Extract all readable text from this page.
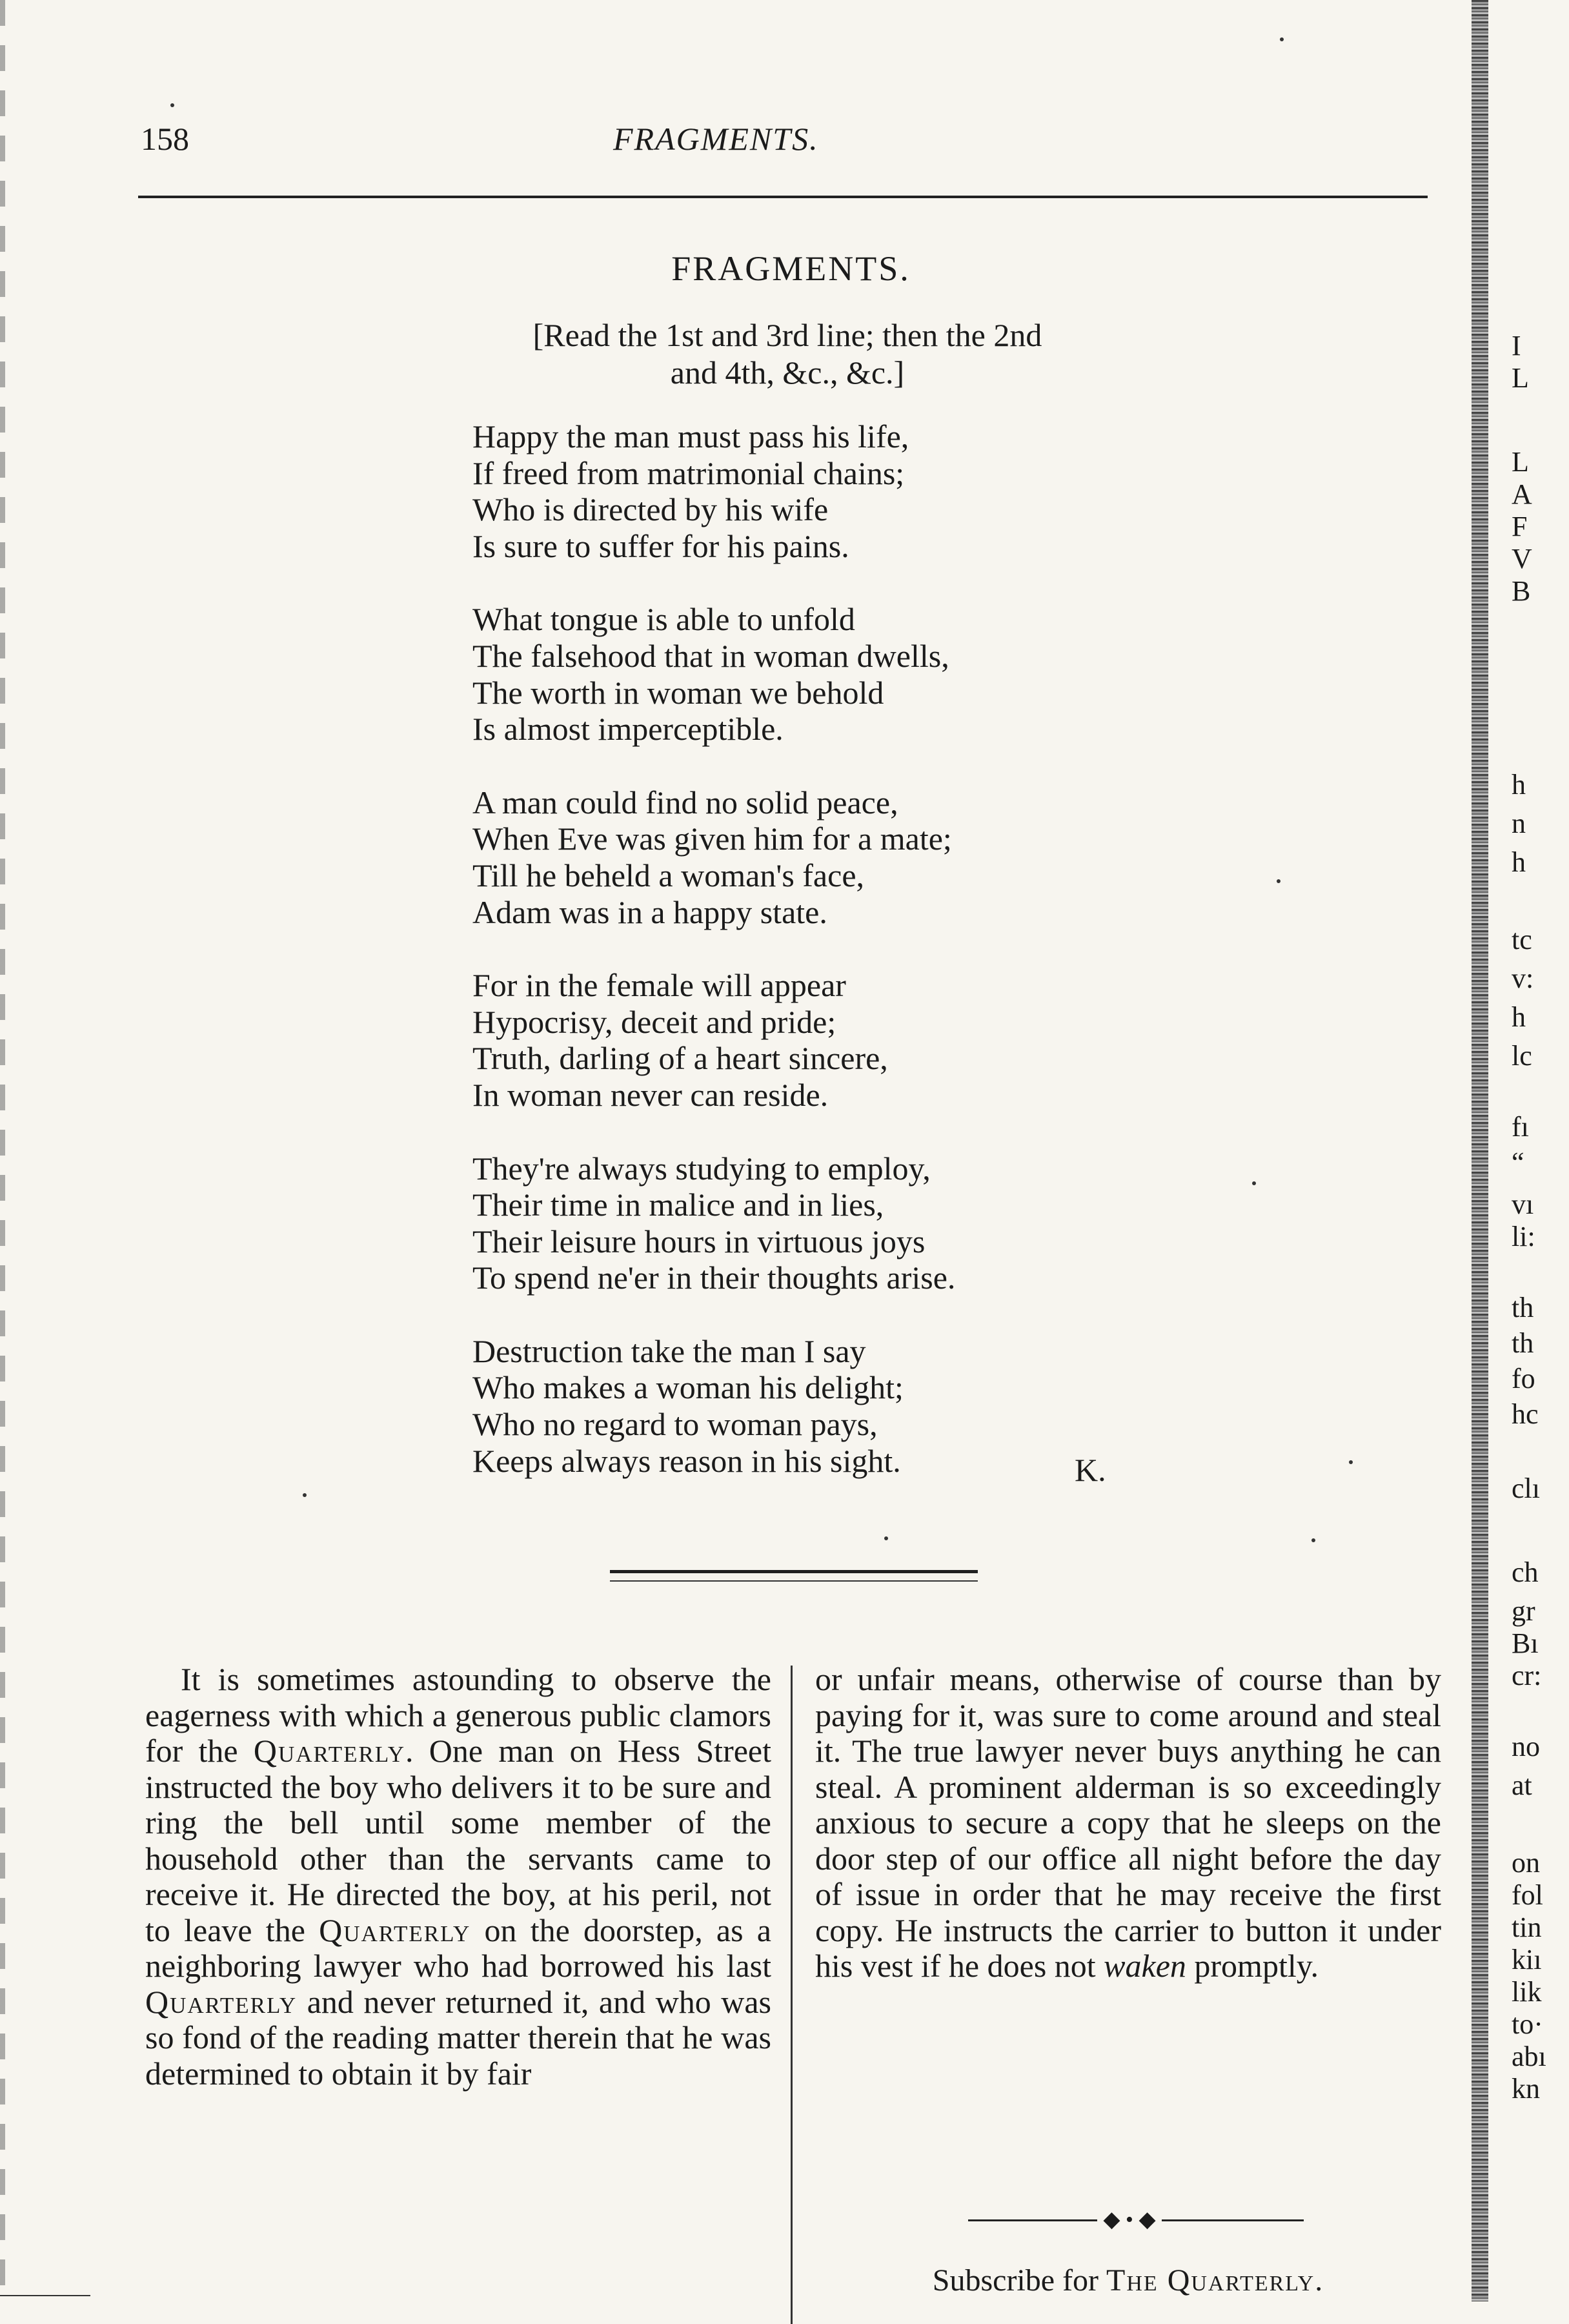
158	FRAGMENTS.
FRAGMENTS.
[Read the 1st and 3rd line; then the 2nd
and 4th, &c., &c.]
Happy the man must pass his life,
If freed from matrimonial chains;
Who is directed by his wife
Is sure to suffer for his pains.
What tongue is able to unfold
The falsehood that in woman dwells,
The worth in woman we behold
Is almost imperceptible.
A man could find no solid peace,
When Eve was given him for a mate;
Till he beheld a woman's face,
Adam was in a happy state.
For in the female will appear
Hypocrisy, deceit and pride;
Truth, darling of a heart sincere,
In woman never can reside.
They're always studying to employ,
Their time in malice and in lies,
Their leisure hours in virtuous joys
To spend ne'er in their thoughts arise.
Destruction take the man I say
Who makes a woman his delight;
Who no regard to woman pays,
Keeps always reason in his sight.	K.

It is sometimes astounding to observe the eagerness with which a generous public clamors for the Quarterly. One man on Hess Street instructed the boy who delivers it to be sure and ring the bell until some member of the household other than the servants came to receive it. He directed the boy, at his peril, not to leave the Quarterly on the doorstep, as a neighboring lawyer who had borrowed his last Quarterly and never returned it, and who was so fond of the reading matter therein that he was determined to obtain it by fair

or unfair means, otherwise of course than by paying for it, was sure to come around and steal it. The true lawyer never buys anything he can steal. A prominent alderman is so exceedingly anxious to secure a copy that he sleeps on the door step of our office all night before the day of issue in order that he may receive the first copy. He instructs the carrier to button it under his vest if he does not waken promptly.

◆ • ◆
Subscribe for The Quarterly.
I
L
L
A
F
V
B
h
n
h
tc
v:
h
lc
fı
“
vı
li:
th
th
fo
hc
clı
ch
gr
Bı
cr:
no
at
on
fol
tin
kiı
lik
to·
abı
kn
